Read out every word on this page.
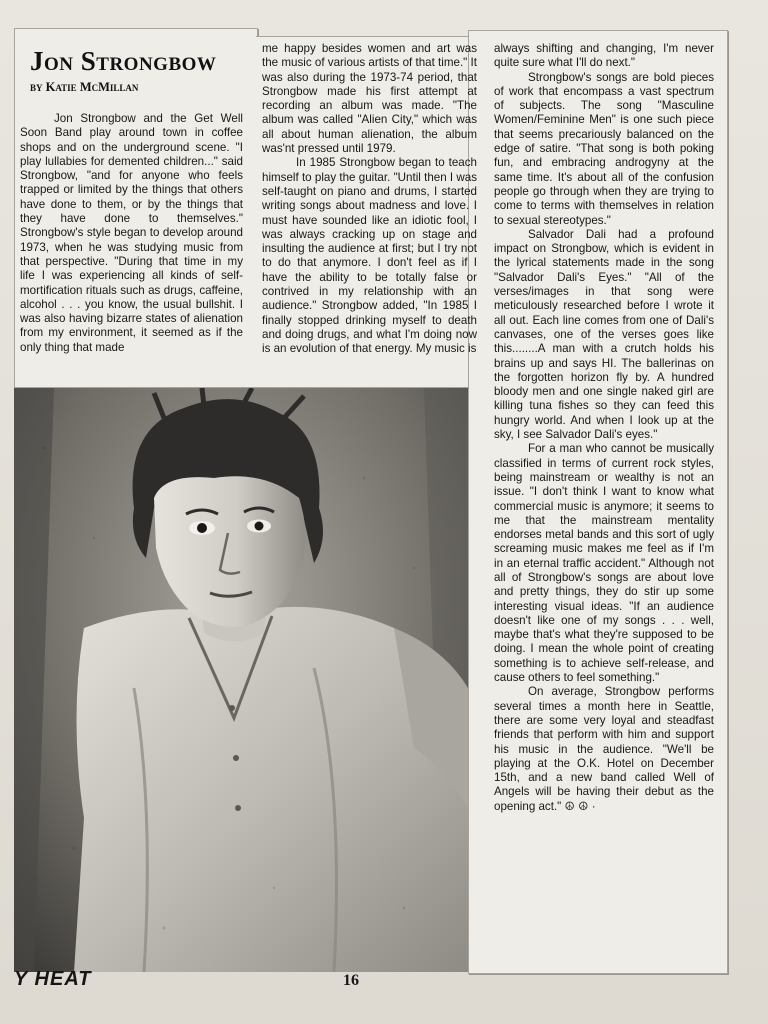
Jon Strongbow

by Katie McMillan

Jon Strongbow and the Get Well Soon Band play around town in coffee shops and on the underground scene. "I play lullabies for demented children..." said Strongbow, "and for anyone who feels trapped or limited by the things that others have done to them, or by the things that they have done to themselves." Strongbow's style began to develop around 1973, when he was studying music from that perspective. "During that time in my life I was experiencing all kinds of self-mortification rituals such as drugs, caffeine, alcohol . . . you know, the usual bullshit. I was also having bizarre states of alienation from my environment, it seemed as if the only thing that made

me happy besides women and art was the music of various artists of that time." It was also during the 1973-74 period, that Strongbow made his first attempt at recording an album was made. "The album was called "Alien City," which was all about human alienation, the album was'nt pressed until 1979.

In 1985 Strongbow began to teach himself to play the guitar. "Until then I was self-taught on piano and drums, I started writing songs about madness and love. I must have sounded like an idiotic fool, I was always cracking up on stage and insulting the audience at first; but I try not to do that anymore. I don't feel as if I have the ability to be totally false or contrived in my relationship with an audience." Strongbow added, "In 1985 I finally stopped drinking myself to death and doing drugs, and what I'm doing now is an evolution of that energy. My music is

always shifting and changing, I'm never quite sure what I'll do next."

Strongbow's songs are bold pieces of work that encompass a vast spectrum of subjects. The song "Masculine Women/Feminine Men" is one such piece that seems precariously balanced on the edge of satire. "That song is both poking fun, and embracing androgyny at the same time. It's about all of the confusion people go through when they are trying to come to terms with themselves in relation to sexual stereotypes."

Salvador Dali had a profound impact on Strongbow, which is evident in the lyrical statements made in the song "Salvador Dali's Eyes." "All of the verses/images in that song were meticulously researched before I wrote it all out. Each line comes from one of Dali's canvases, one of the verses goes like this........A man with a crutch holds his brains up and says HI. The ballerinas on the forgotten horizon fly by. A hundred bloody men and one single naked girl are killing tuna fishes so they can feed this hungry world. And when I look up at the sky, I see Salvador Dali's eyes."

For a man who cannot be musically classified in terms of current rock styles, being mainstream or wealthy is not an issue. "I don't think I want to know what commercial music is anymore; it seems to me that the mainstream mentality endorses metal bands and this sort of ugly screaming music makes me feel as if I'm in an eternal traffic accident." Although not all of Strongbow's songs are about love and pretty things, they do stir up some interesting visual ideas. "If an audience doesn't like one of my songs . . . well, maybe that's what they're supposed to be doing. I mean the whole point of creating something is to achieve self-release, and cause others to feel something."

On average, Strongbow performs several times a month here in Seattle, there are some very loyal and steadfast friends that perform with him and support his music in the audience. "We'll be playing at the O.K. Hotel on December 15th, and a new band called Well of Angels will be having their debut as the opening act." ☮ ☮ ·

Y HEAT	16
